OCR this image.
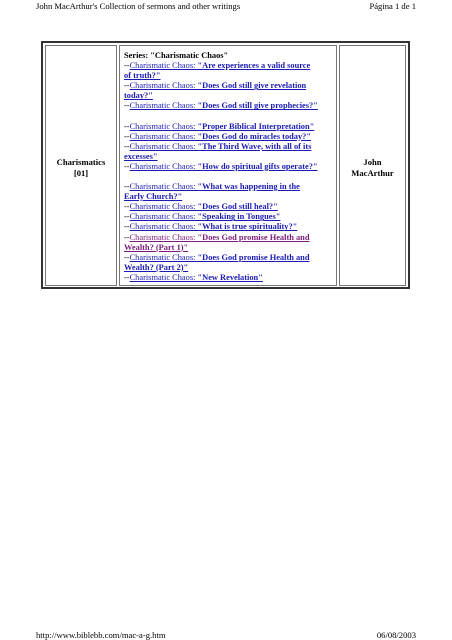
John MacArthur's Collection of sermons and other writings	Página 1 de 1
Charismatics
[01]
Series: "Charismatic Chaos"
--Charismatic Chaos: "Are experiences a valid source
of truth?"
--Charismatic Chaos: "Does God still give revelation
today?"
--Charismatic Chaos: "Does God still give prophecies?"
--Charismatic Chaos: "Proper Biblical Interpretation"
--Charismatic Chaos: "Does God do miracles today?"
--Charismatic Chaos: "The Third Wave, with all of its
excesses"
--Charismatic Chaos: "How do spiritual gifts operate?"
--Charismatic Chaos: "What was happening in the
Early Church?"
--Charismatic Chaos: "Does God still heal?"
--Charismatic Chaos: "Speaking in Tongues"
--Charismatic Chaos: "What is true spirituality?"
--Charismatic Chaos: "Does God promise Health and
Wealth? (Part 1)"
--Charismatic Chaos: "Does God promise Health and
Wealth? (Part 2)"
--Charismatic Chaos: "New Revelation"
John
MacArthur
http://www.biblebb.com/mac-a-g.htm	06/08/2003
